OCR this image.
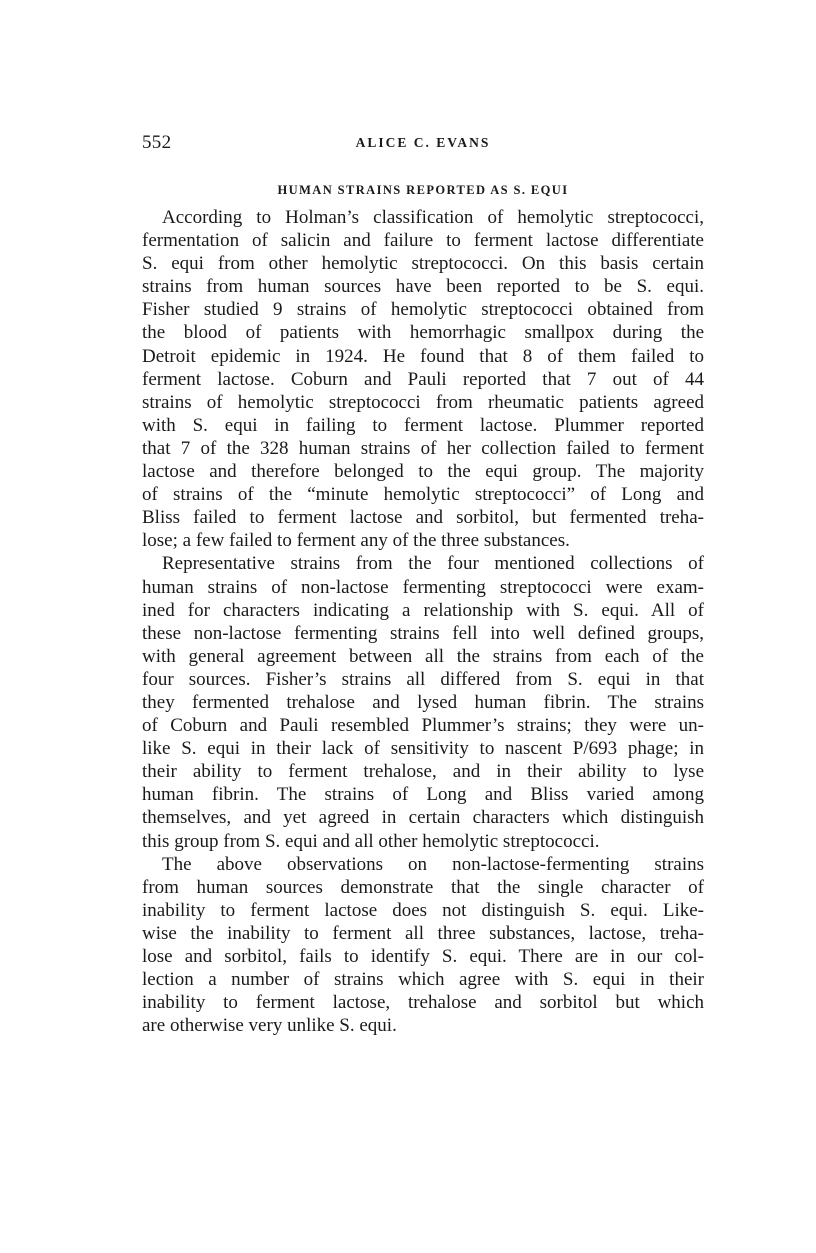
552	ALICE C. EVANS
HUMAN STRAINS REPORTED AS S. EQUI
According to Holman’s classification of hemolytic streptococci,
fermentation of salicin and failure to ferment lactose differentiate
S. equi from other hemolytic streptococci. On this basis certain
strains from human sources have been reported to be S. equi.
Fisher studied 9 strains of hemolytic streptococci obtained from
the blood of patients with hemorrhagic smallpox during the
Detroit epidemic in 1924. He found that 8 of them failed to
ferment lactose. Coburn and Pauli reported that 7 out of 44
strains of hemolytic streptococci from rheumatic patients agreed
with S. equi in failing to ferment lactose. Plummer reported
that 7 of the 328 human strains of her collection failed to ferment
lactose and therefore belonged to the equi group. The majority
of strains of the “minute hemolytic streptococci” of Long and
Bliss failed to ferment lactose and sorbitol, but fermented treha-
lose; a few failed to ferment any of the three substances.
Representative strains from the four mentioned collections of
human strains of non-lactose fermenting streptococci were exam-
ined for characters indicating a relationship with S. equi. All of
these non-lactose fermenting strains fell into well defined groups,
with general agreement between all the strains from each of the
four sources. Fisher’s strains all differed from S. equi in that
they fermented trehalose and lysed human fibrin. The strains
of Coburn and Pauli resembled Plummer’s strains; they were un-
like S. equi in their lack of sensitivity to nascent P/693 phage; in
their ability to ferment trehalose, and in their ability to lyse
human fibrin. The strains of Long and Bliss varied among
themselves, and yet agreed in certain characters which distinguish
this group from S. equi and all other hemolytic streptococci.
The above observations on non-lactose-fermenting strains
from human sources demonstrate that the single character of
inability to ferment lactose does not distinguish S. equi. Like-
wise the inability to ferment all three substances, lactose, treha-
lose and sorbitol, fails to identify S. equi. There are in our col-
lection a number of strains which agree with S. equi in their
inability to ferment lactose, trehalose and sorbitol but which
are otherwise very unlike S. equi.
